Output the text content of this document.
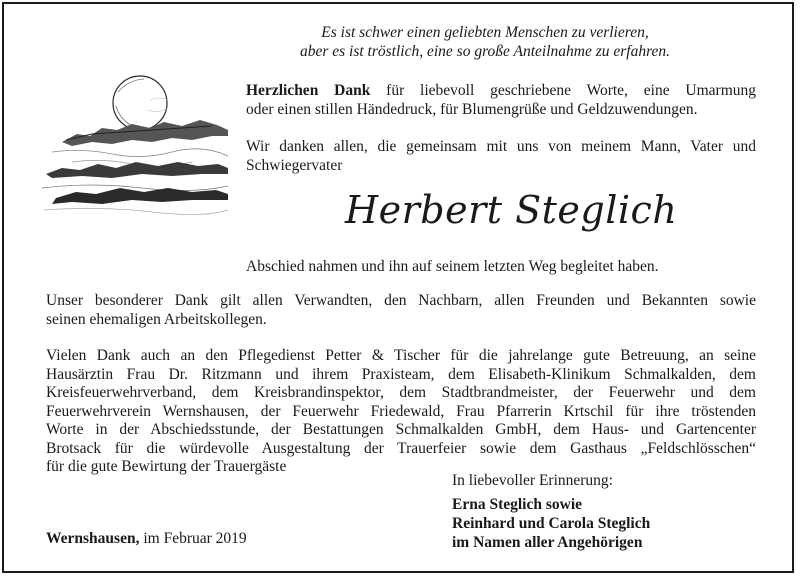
Es ist schwer einen geliebten Menschen zu verlieren,
aber es ist tröstlich, eine so große Anteilnahme zu erfahren.
Herzlichen Dank für liebevoll geschriebene Worte, eine Umarmung
oder einen stillen Händedruck, für Blumengrüße und Geldzuwendungen.
Wir danken allen, die gemeinsam mit uns von meinem Mann, Vater und
Schwiegervater
Herbert Steglich
Abschied nahmen und ihn auf seinem letzten Weg begleitet haben.
Unser besonderer Dank gilt allen Verwandten, den Nachbarn, allen Freunden und Bekannten sowie
seinen ehemaligen Arbeitskollegen.
Vielen Dank auch an den Pflegedienst Petter & Tischer für die jahrelange gute Betreuung, an seine
Hausärztin Frau Dr. Ritzmann und ihrem Praxisteam, dem Elisabeth-Klinikum Schmalkalden, dem
Kreisfeuerwehrverband, dem Kreisbrandinspektor, dem Stadtbrandmeister, der Feuerwehr und dem
Feuerwehrverein Wernshausen, der Feuerwehr Friedewald, Frau Pfarrerin Krtschil für ihre tröstenden
Worte in der Abschiedsstunde, der Bestattungen Schmalkalden GmbH, dem Haus- und Gartencenter
Brotsack für die würdevolle Ausgestaltung der Trauerfeier sowie dem Gasthaus „Feldschlösschen“
für die gute Bewirtung der Trauergäste
In liebevoller Erinnerung:
Erna Steglich sowie
Reinhard und Carola Steglich
im Namen aller Angehörigen
Wernshausen, im Februar 2019
